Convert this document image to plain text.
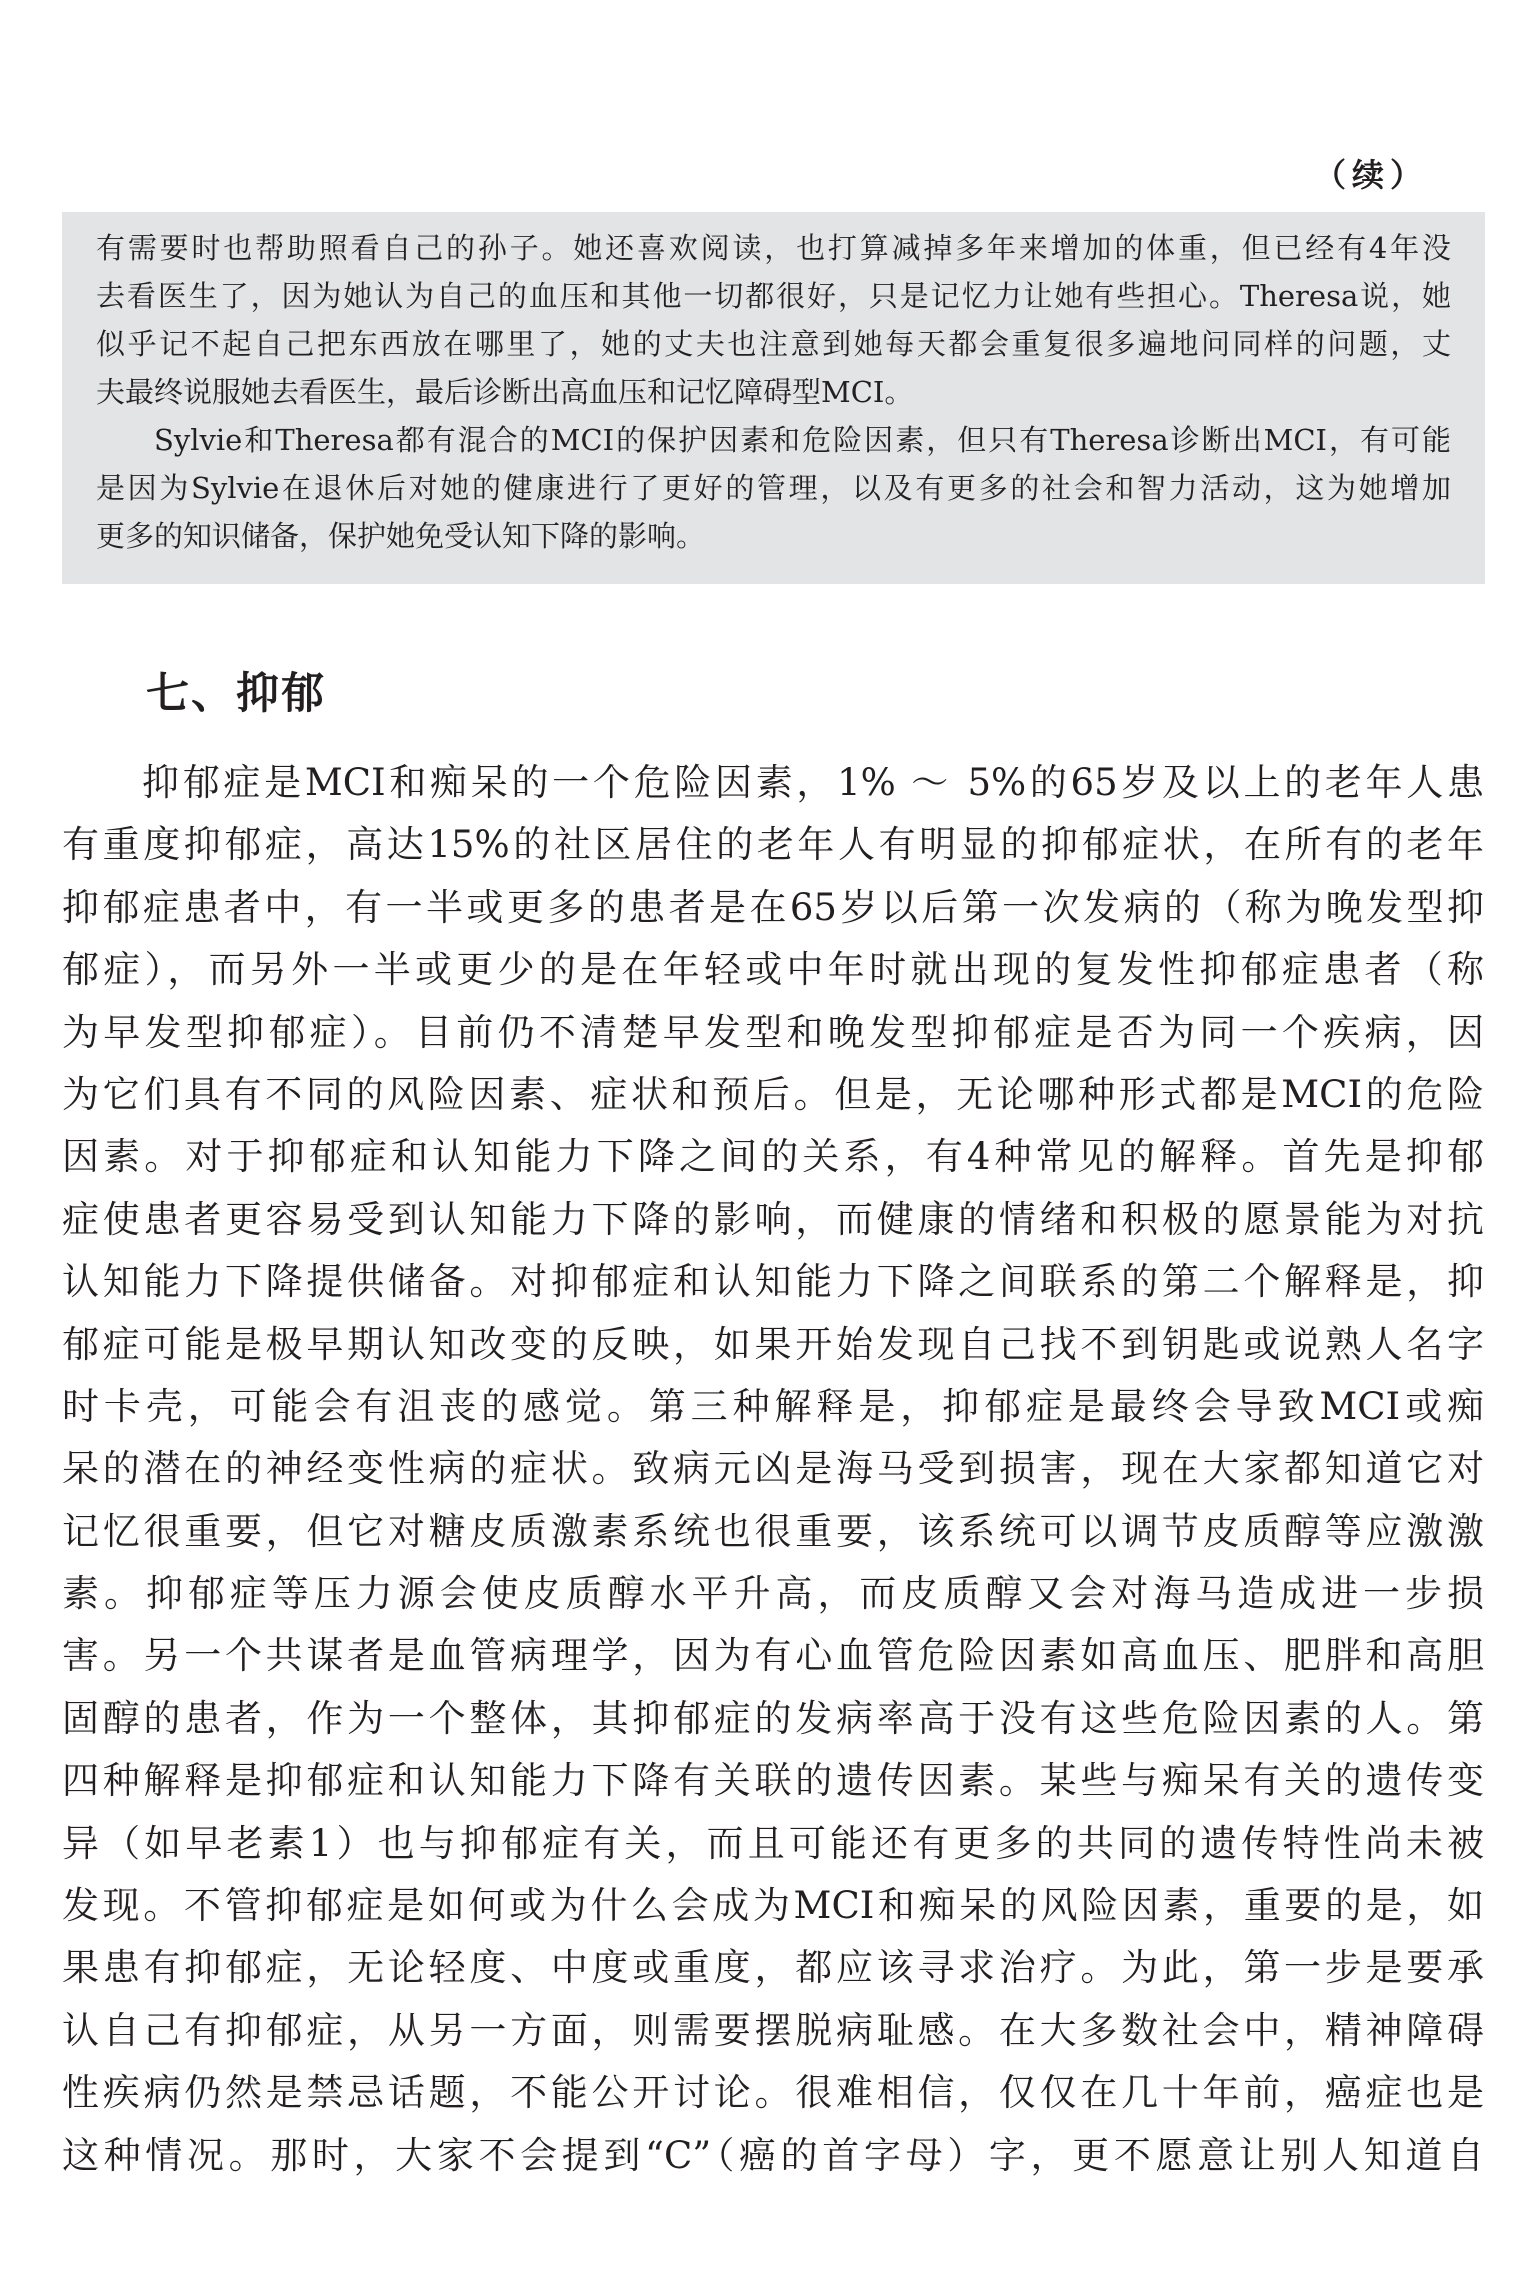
（续）

有需要时也帮助照看自己的孙子。她还喜欢阅读，也打算减掉多年来增加的体重，但已经有4年没

去看医生了，因为她认为自己的血压和其他一切都很好，只是记忆力让她有些担心。Theresa说，她

似乎记不起自己把东西放在哪里了，她的丈夫也注意到她每天都会重复很多遍地问同样的问题，丈

夫最终说服她去看医生，最后诊断出高血压和记忆障碍型MCI。

Sylvie和Theresa都有混合的MCI的保护因素和危险因素，但只有Theresa诊断出MCI，有可能

是因为Sylvie在退休后对她的健康进行了更好的管理，以及有更多的社会和智力活动，这为她增加

更多的知识储备，保护她免受认知下降的影响。

七、抑郁
抑郁症是MCI和痴呆的一个危险因素，1% ～ 5%的65岁及以上的老年人患
有重度抑郁症，高达15%的社区居住的老年人有明显的抑郁症状，在所有的老年
抑郁症患者中，有一半或更多的患者是在65岁以后第一次发病的（称为晚发型抑
郁症），而另外一半或更少的是在年轻或中年时就出现的复发性抑郁症患者（称
为早发型抑郁症）。目前仍不清楚早发型和晚发型抑郁症是否为同一个疾病，因
为它们具有不同的风险因素、症状和预后。但是，无论哪种形式都是MCI的危险
因素。对于抑郁症和认知能力下降之间的关系，有4种常见的解释。首先是抑郁
症使患者更容易受到认知能力下降的影响，而健康的情绪和积极的愿景能为对抗
认知能力下降提供储备。对抑郁症和认知能力下降之间联系的第二个解释是，抑
郁症可能是极早期认知改变的反映，如果开始发现自己找不到钥匙或说熟人名字
时卡壳，可能会有沮丧的感觉。第三种解释是，抑郁症是最终会导致MCI或痴
呆的潜在的神经变性病的症状。致病元凶是海马受到损害，现在大家都知道它对
记忆很重要，但它对糖皮质激素系统也很重要，该系统可以调节皮质醇等应激激
素。抑郁症等压力源会使皮质醇水平升高，而皮质醇又会对海马造成进一步损
害。另一个共谋者是血管病理学，因为有心血管危险因素如高血压、肥胖和高胆
固醇的患者，作为一个整体，其抑郁症的发病率高于没有这些危险因素的人。第
四种解释是抑郁症和认知能力下降有关联的遗传因素。某些与痴呆有关的遗传变
异（如早老素1）也与抑郁症有关，而且可能还有更多的共同的遗传特性尚未被
发现。不管抑郁症是如何或为什么会成为MCI和痴呆的风险因素，重要的是，如
果患有抑郁症，无论轻度、中度或重度，都应该寻求治疗。为此，第一步是要承
认自己有抑郁症，从另一方面，则需要摆脱病耻感。在大多数社会中，精神障碍
性疾病仍然是禁忌话题，不能公开讨论。很难相信，仅仅在几十年前，癌症也是
这种情况。那时，大家不会提到“C”（癌的首字母）字，更不愿意让别人知道自
